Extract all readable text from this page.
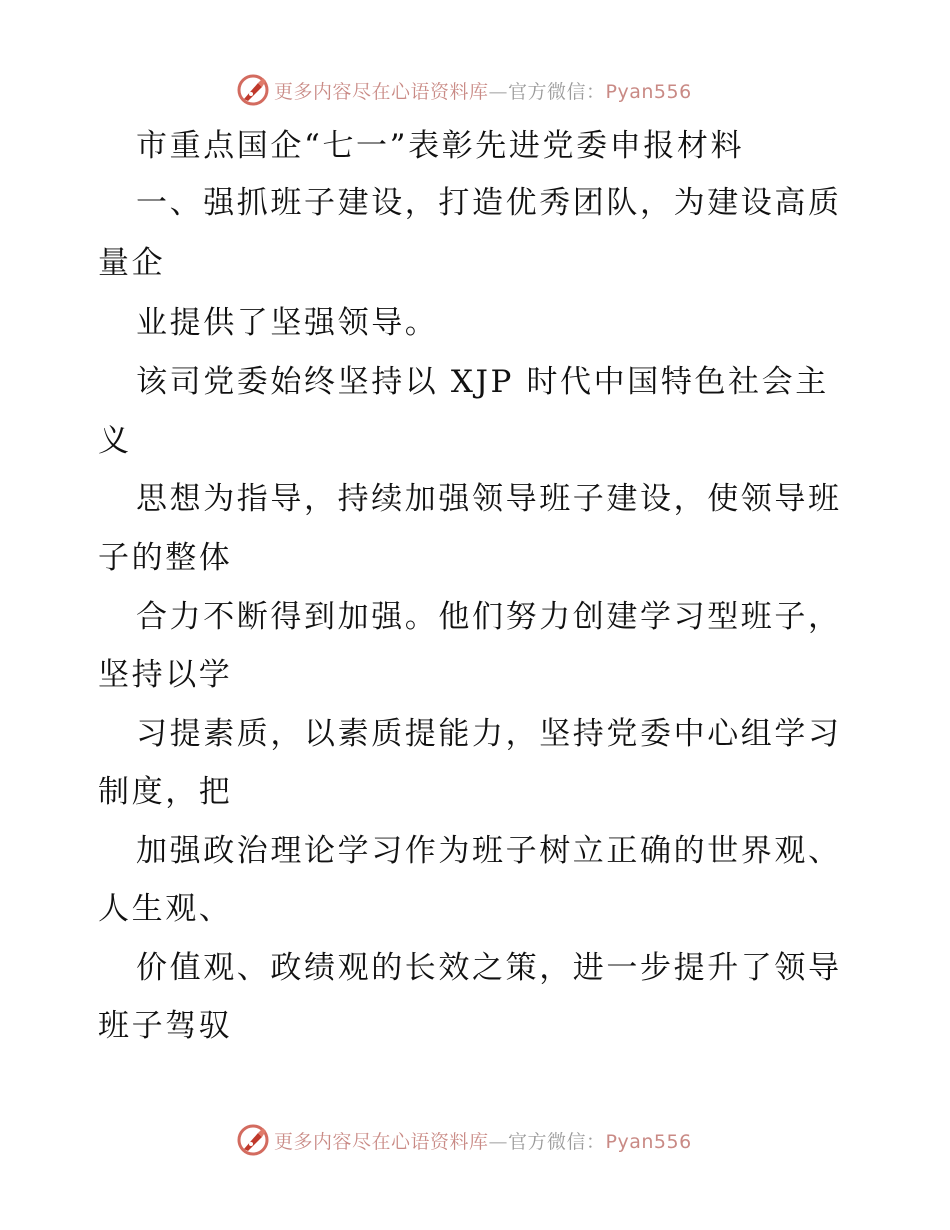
更多内容尽在心语资料库—官方微信：Pyan556
市重点国企“七一”表彰先进党委申报材料
一、强抓班子建设，打造优秀团队，为建设高质
量企
业提供了坚强领导。
该司党委始终坚持以 XJP 时代中国特色社会主
义
思想为指导，持续加强领导班子建设，使领导班
子的整体
合力不断得到加强。他们努力创建学习型班子，
坚持以学
习提素质，以素质提能力，坚持党委中心组学习
制度，把
加强政治理论学习作为班子树立正确的世界观、
人生观、
价值观、政绩观的长效之策，进一步提升了领导
班子驾驭
更多内容尽在心语资料库—官方微信：Pyan556
